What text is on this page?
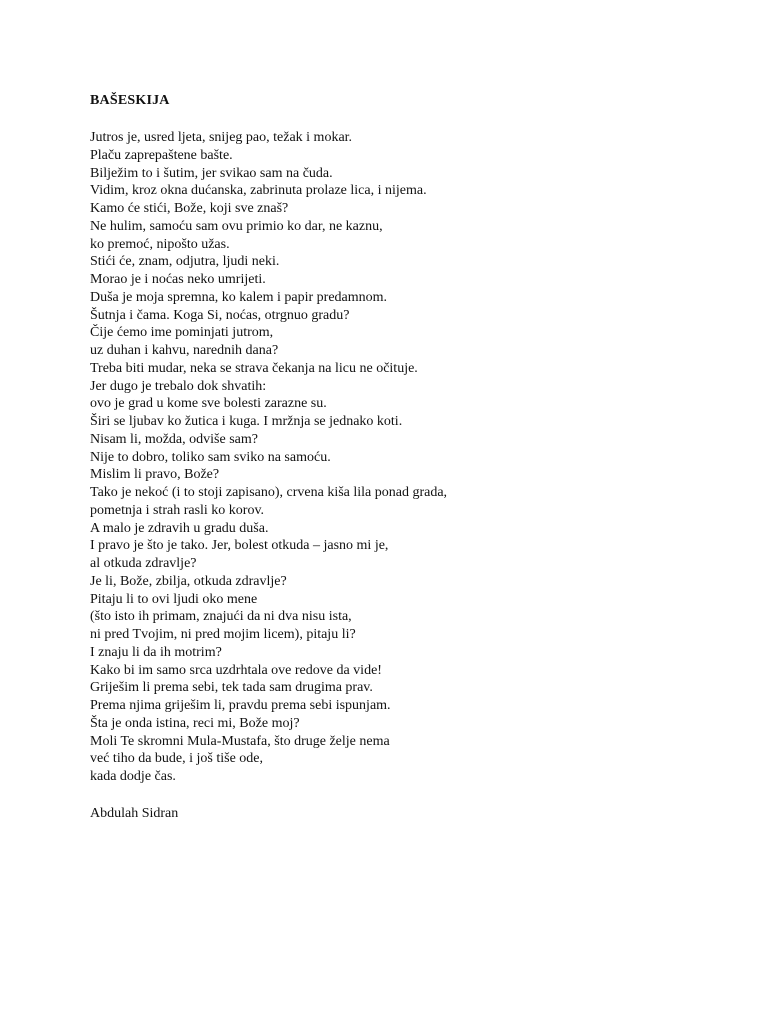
BAŠESKIJA
Jutros je, usred ljeta, snijeg pao, težak i mokar.
Plaču zaprepaštene bašte.
Bilježim to i šutim, jer svikao sam na čuda.
Vidim, kroz okna dućanska, zabrinuta prolaze lica, i nijema.
Kamo će stići, Bože, koji sve znaš?
Ne hulim, samoću sam ovu primio ko dar, ne kaznu,
ko premoć, nipošto užas.
Stići će, znam, odjutra, ljudi neki.
Morao je i noćas neko umrijeti.
Duša je moja spremna, ko kalem i papir predamnom.
Šutnja i čama. Koga Si, noćas, otrgnuo gradu?
Čije ćemo ime pominjati jutrom,
uz duhan i kahvu, narednih dana?
Treba biti mudar, neka se strava čekanja na licu ne očituje.
Jer dugo je trebalo dok shvatih:
ovo je grad u kome sve bolesti zarazne su.
Širi se ljubav ko žutica i kuga. I mržnja se jednako koti.
Nisam li, možda, odviše sam?
Nije to dobro, toliko sam sviko na samoću.
Mislim li pravo, Bože?
Tako je nekoć (i to stoji zapisano), crvena kiša lila ponad grada,
pometnja i strah rasli ko korov.
A malo je zdravih u gradu duša.
I pravo je što je tako. Jer, bolest otkuda – jasno mi je,
al otkuda zdravlje?
Je li, Bože, zbilja, otkuda zdravlje?
Pitaju li to ovi ljudi oko mene
(što isto ih primam, znajući da ni dva nisu ista,
ni pred Tvojim, ni pred mojim licem), pitaju li?
I znaju li da ih motrim?
Kako bi im samo srca uzdrhtala ove redove da vide!
Griješim li prema sebi, tek tada sam drugima prav.
Prema njima griješim li, pravdu prema sebi ispunjam.
Šta je onda istina, reci mi, Bože moj?
Moli Te skromni Mula-Mustafa, što druge želje nema
već tiho da bude, i još tiše ode,
kada dodje čas.
Abdulah Sidran
